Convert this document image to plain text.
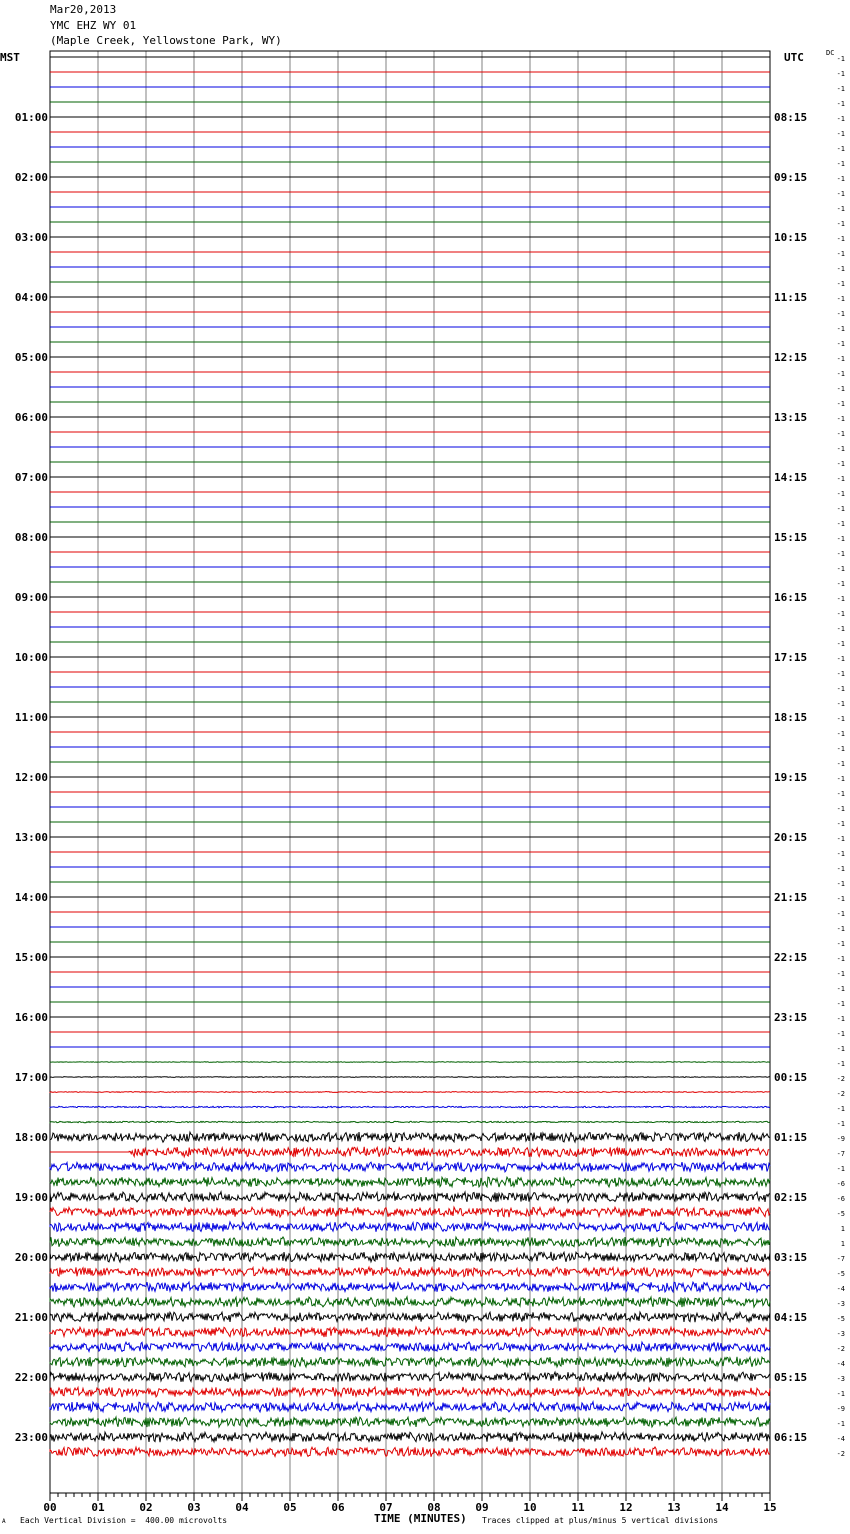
00	01	02	03	04	05	06	07	08	09	10	11	12	13	14	15
01:00
02:00
03:00
04:00
05:00
06:00
07:00
08:00
09:00
10:00
11:00
12:00
13:00
14:00
15:00
16:00
17:00
18:00
19:00
20:00
21:00
22:00
23:00
08:15
09:15
10:15
11:15
12:15
13:15
14:15
15:15
16:15
17:15
18:15
19:15
20:15
21:15
22:15
23:15
00:15
01:15
02:15
03:15
04:15
05:15
06:15
-1
-1
-1
-1
-1
-1
-1
-1
-1
-1
-1
-1
-1
-1
-1
-1
-1
-1
-1
-1
-1
-1
-1
-1
-1
-1
-1
-1
-1
-1
-1
-1
-1
-1
-1
-1
-1
-1
-1
-1
-1
-1
-1
-1
-1
-1
-1
-1
-1
-1
-1
-1
-1
-1
-1
-1
-1
-1
-1
-1
-1
-1
-1
-1
-1
-1
-1
-1
-2
-2
-1
-1
-9
-7
-1
-6
-6
-5
1
1
-7
-5
-4
-3
-5
-3
-2
-4
-3
-1
-9
-1
-4
-2
Mar20,2013
YMC EHZ WY 01
(Maple Creek, Yellowstone Park, WY)
MST	UTC	DC
A Each Vertical Division =  400.00 microvolts	TIME (MINUTES) Traces clipped at plus/minus 5 vertical divisions
